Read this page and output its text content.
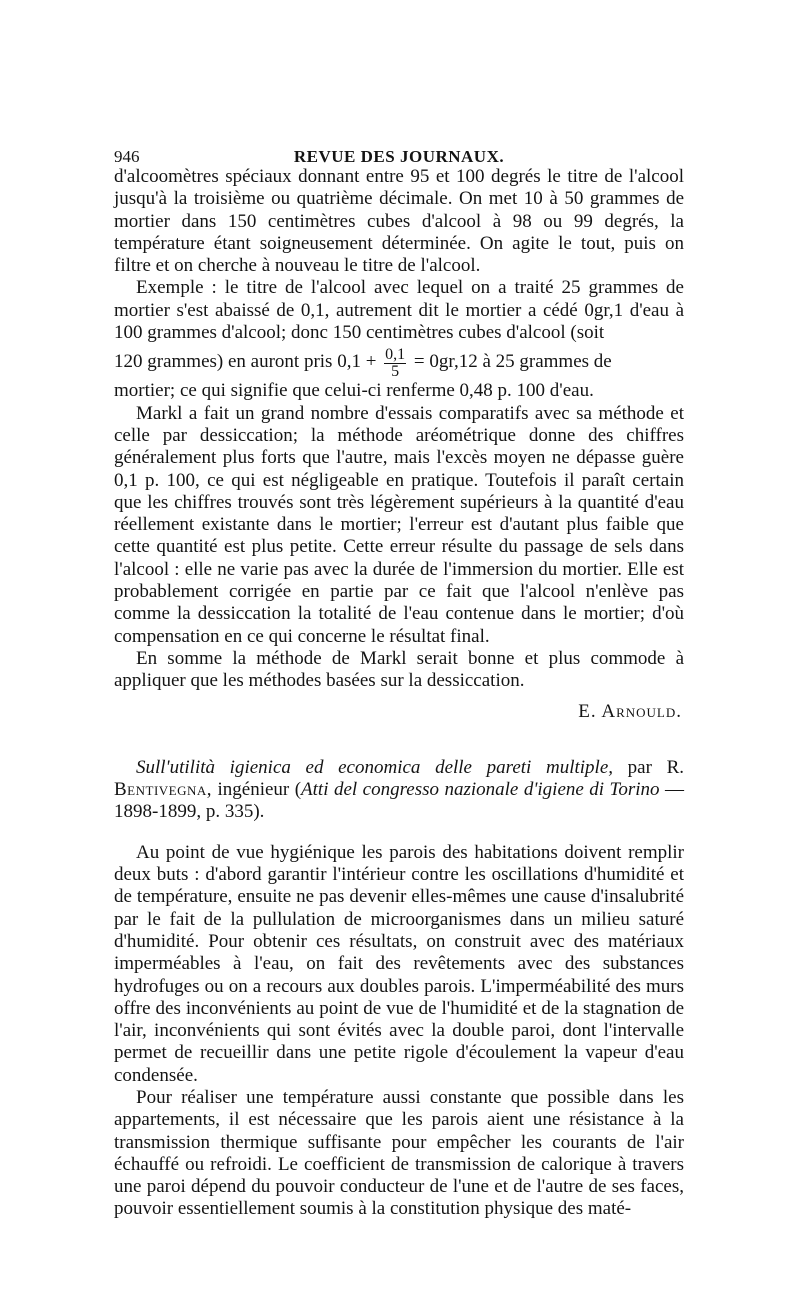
946	REVUE DES JOURNAUX.

d'alcoomètres spéciaux donnant entre 95 et 100 degrés le titre de l'alcool jusqu'à la troisième ou quatrième décimale. On met 10 à 50 grammes de mortier dans 150 centimètres cubes d'alcool à 98 ou 99 degrés, la température étant soigneusement déterminée. On agite le tout, puis on filtre et on cherche à nouveau le titre de l'alcool.

Exemple : le titre de l'alcool avec lequel on a traité 25 grammes de mortier s'est abaissé de 0,1, autrement dit le mortier a cédé 0gr,1 d'eau à 100 grammes d'alcool; donc 150 centimètres cubes d'alcool (soit

120 grammes) en auront pris $0,1 + \frac{0,1}{5} = 0gr,12$ à 25 grammes de

mortier; ce qui signifie que celui-ci renferme 0,48 p. 100 d'eau.

Markl a fait un grand nombre d'essais comparatifs avec sa méthode et celle par dessiccation; la méthode aréométrique donne des chiffres généralement plus forts que l'autre, mais l'excès moyen ne dépasse guère 0,1 p. 100, ce qui est négligeable en pratique. Toutefois il paraît certain que les chiffres trouvés sont très légèrement supérieurs à la quantité d'eau réellement existante dans le mortier; l'erreur est d'autant plus faible que cette quantité est plus petite. Cette erreur résulte du passage de sels dans l'alcool : elle ne varie pas avec la durée de l'immersion du mortier. Elle est probablement corrigée en partie par ce fait que l'alcool n'enlève pas comme la dessiccation la totalité de l'eau contenue dans le mortier; d'où compensation en ce qui concerne le résultat final.

En somme la méthode de Markl serait bonne et plus commode à appliquer que les méthodes basées sur la dessiccation.

E. Arnould.

Sull'utilità igienica ed economica delle pareti multiple, par R. Bentivegna, ingénieur (Atti del congresso nazionale d'igiene di Torino — 1898-1899, p. 335).

Au point de vue hygiénique les parois des habitations doivent remplir deux buts : d'abord garantir l'intérieur contre les oscillations d'humidité et de température, ensuite ne pas devenir elles-mêmes une cause d'insalubrité par le fait de la pullulation de microorganismes dans un milieu saturé d'humidité. Pour obtenir ces résultats, on construit avec des matériaux imperméables à l'eau, on fait des revêtements avec des substances hydrofuges ou on a recours aux doubles parois. L'imperméabilité des murs offre des inconvénients au point de vue de l'humidité et de la stagnation de l'air, inconvénients qui sont évités avec la double paroi, dont l'intervalle permet de recueillir dans une petite rigole d'écoulement la vapeur d'eau condensée.

Pour réaliser une température aussi constante que possible dans les appartements, il est nécessaire que les parois aient une résistance à la transmission thermique suffisante pour empêcher les courants de l'air échauffé ou refroidi. Le coefficient de transmission de calorique à travers une paroi dépend du pouvoir conducteur de l'une et de l'autre de ses faces, pouvoir essentiellement soumis à la constitution physique des maté-
